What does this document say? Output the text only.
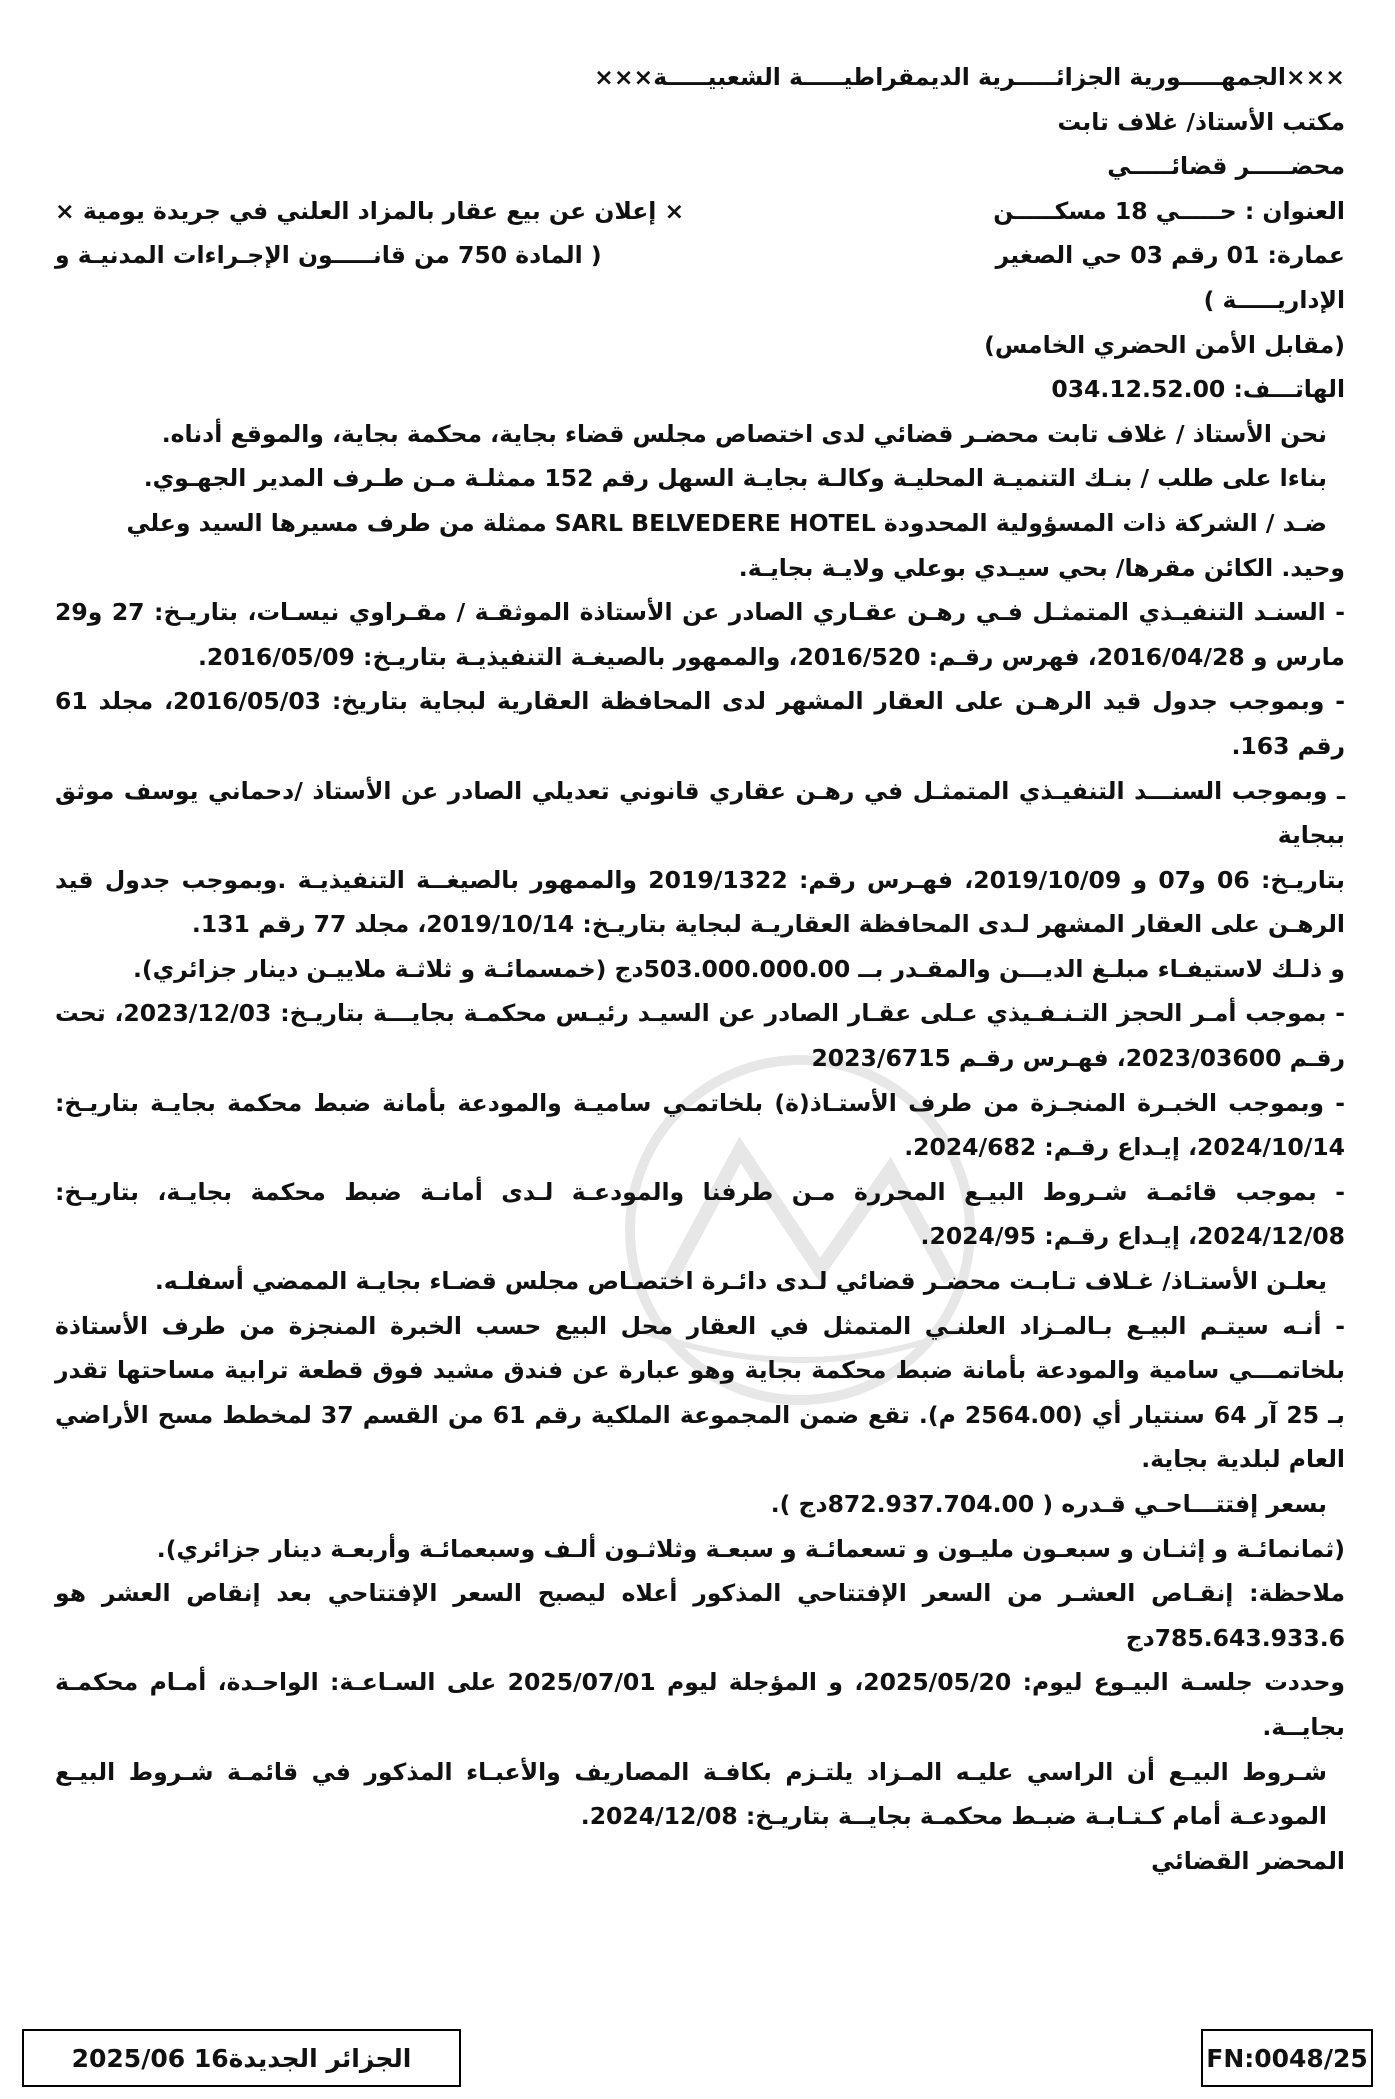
×××الجمهـــــورية الجزائـــــرية الديمقراطيـــــة الشعبيـــــة×××

مكتب الأستاذ/ غلاف تابت

محضـــــر قضائـــــي

العنوان : حـــــي 18 مسكـــــن
عمارة: 01 رقم 03 حي الصغير
× إعلان عن بيع عقار بالمزاد العلني في جريدة يومية ×
( المادة 750 من قانـــــون الإجـراءات المدنيـة و

الإداريـــــة )

(مقابل الأمن الحضري الخامس)

الهاتـــف: 034.12.52.00

نحن الأستاذ / غلاف تابت محضـر قضائي لدى اختصاص مجلس قضاء بجاية، محكمة بجاية، والموقع أدناه.

بناءا على طلب / بنـك التنميـة المحليـة وكالـة بجايـة السهل رقم 152 ممثلـة مـن طـرف المدير الجهـوي.

ضـد / الشركة ذات المسؤولية المحدودة SARL BELVEDERE HOTEL ممثلة من طرف مسيرها السيد وعلي

وحيد. الكائن مقرها/ بحي سيـدي بوعلي ولايـة بجايـة.

- السنـد التنفيـذي المتمثـل فـي رهـن عقـاري الصادر عن الأستاذة الموثقـة / مقـراوي نيسـات، بتاريـخ: 27 و29 مارس و 2016/04/28، فهرس رقـم: 2016/520، والممهور بالصيغـة التنفيذيـة بتاريـخ: 2016/05/09.

- وبموجب جدول قيد الرهـن على العقار المشهر لدى المحافظة العقارية لبجاية بتاريخ: 2016/05/03، مجلد 61 رقم 163.

ـ وبموجب السنـــد التنفيـذي المتمثـل في رهـن عقاري قانوني تعديلي الصادر عن الأستاذ /دحماني يوسف موثق ببجاية

بتاريـخ: 06 و07 و 2019/10/09، فهـرس رقم: 2019/1322 والممهور بالصيغــة التنفيذيـة .وبموجب جدول قيد الرهـن على العقار المشهر لـدى المحافظة العقاريـة لبجاية بتاريـخ: 2019/10/14، مجلد 77 رقم 131.

و ذلـك لاستيفـاء مبلـغ الديـــن والمقـدر بــ 503.000.000.00دج (خمسمائـة و ثلاثـة ملاييـن دينار جزائري).

- بموجب أمـر الحجز التـنـفـيذي عـلى عقـار الصادر عن السيـد رئيـس محكمـة بجايـــة بتاريـخ: 2023/12/03، تحت رقـم 2023/03600، فهـرس رقـم 2023/6715

- وبموجب الخبـرة المنجـزة من طرف الأستـاذ(ة) بلخاتمـي ساميـة والمودعة بأمانة ضبط محكمة بجايـة بتاريـخ: 2024/10/14، إيـداع رقـم: 2024/682.

- بموجب قائمـة شـروط البيـع المحررة مـن طرفنا والمودعـة لـدى أمانـة ضبط محكمة بجايـة، بتاريـخ: 2024/12/08، إيـداع رقـم: 2024/95.

يعلـن الأستـاذ/ غـلاف تـابـت محضـر قضائي لـدى دائـرة اختصـاص مجلس قضـاء بجايـة الممضي أسفلـه.

- أنـه سيتـم البيـع بـالمـزاد العلنـي المتمثل في العقار محل البيع حسب الخبرة المنجزة من طرف الأستاذة بلخاتمـــي سامية والمودعة بأمانة ضبط محكمة بجاية وهو عبارة عن فندق مشيد فوق قطعة ترابية مساحتها تقدر بـ 25 آر 64 سنتيار أي (2564.00 م). تقع ضمن المجموعة الملكية رقم 61 من القسم 37 لمخطط مسح الأراضي العام لبلدية بجاية.

بسعر إفتتـــاحـي قـدره ( 872.937.704.00دج ).

(ثمانمائـة و إثنـان و سبعـون مليـون و تسعمائـة و سبعـة وثلاثـون ألـف وسبعمائـة وأربعـة دينار جزائري).

ملاحظة: إنقـاص العشـر من السعر الإفتتاحي المذكور أعلاه ليصبح السعر الإفتتاحي بعد إنقاص العشر هو 785.643.933.6دج

وحددت جلسـة البيـوع ليوم: 2025/05/20، و المؤجلة ليوم 2025/07/01 على السـاعـة: الواحـدة، أمـام محكمـة بجايــة.

شـروط البيـع أن الراسي عليـه المـزاد يلتـزم بكافـة المصاريف والأعبـاء المذكور في قائمـة شـروط البيـع المودعـة أمام كـتـابـة ضبـط محكمـة بجايــة بتاريـخ: 2024/12/08.

المحضر القضائي

الجزائر الجديدة16 2025/06	FN:0048/25
